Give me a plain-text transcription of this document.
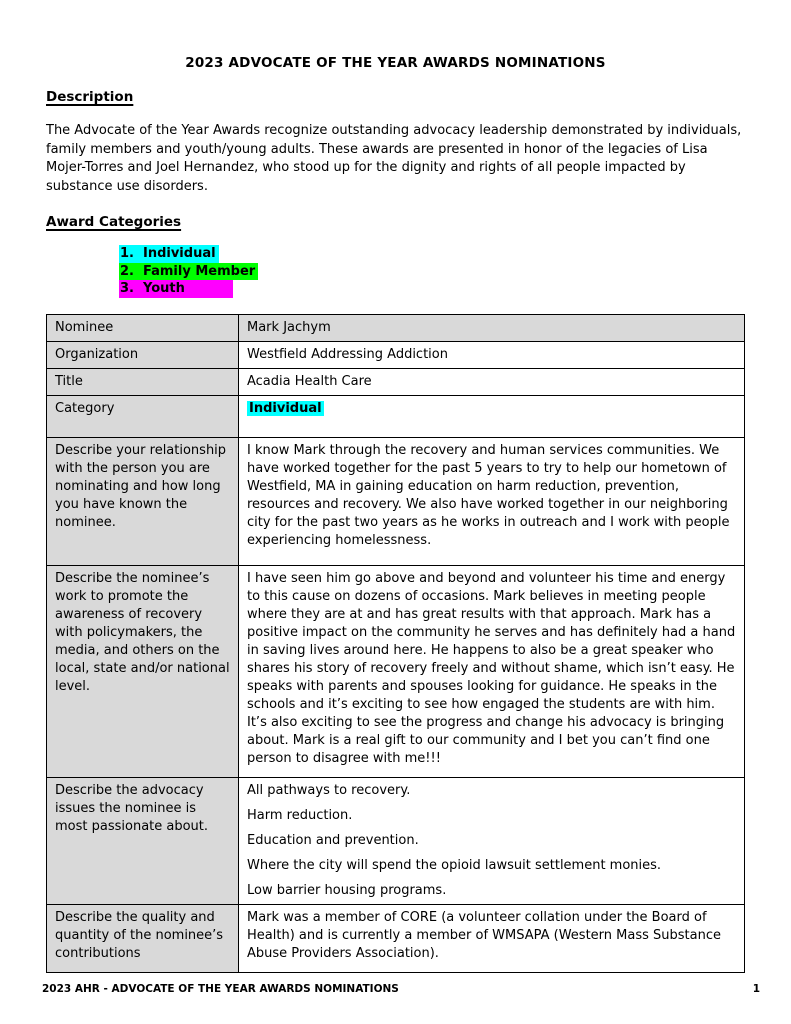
2023 ADVOCATE OF THE YEAR AWARDS NOMINATIONS
Description

The Advocate of the Year Awards recognize outstanding advocacy leadership demonstrated by individuals, family members and youth/young adults. These awards are presented in honor of the legacies of Lisa Mojer-Torres and Joel Hernandez, who stood up for the dignity and rights of all people impacted by substance use disorders.

Award Categories
1. Individual
2. Family Member
3. Youth
Nominee	Mark Jachym
Organization	Westfield Addressing Addiction
Title	Acadia Health Care
Category	Individual
Describe your relationship with the person you are nominating and how long you have known the nominee.	I know Mark through the recovery and human services communities. We have worked together for the past 5 years to try to help our hometown of Westfield, MA in gaining education on harm reduction, prevention, resources and recovery. We also have worked together in our neighboring city for the past two years as he works in outreach and I work with people experiencing homelessness.
Describe the nominee’s work to promote the awareness of recovery with policymakers, the media, and others on the local, state and/or national level.	I have seen him go above and beyond and volunteer his time and energy to this cause on dozens of occasions. Mark believes in meeting people where they are at and has great results with that approach. Mark has a positive impact on the community he serves and has definitely had a hand in saving lives around here. He happens to also be a great speaker who shares his story of recovery freely and without shame, which isn’t easy. He speaks with parents and spouses looking for guidance. He speaks in the schools and it’s exciting to see how engaged the students are with him. It’s also exciting to see the progress and change his advocacy is bringing about. Mark is a real gift to our community and I bet you can’t find one person to disagree with me!!!
Describe the advocacy issues the nominee is most passionate about.	All pathways to recovery.

Harm reduction.

Education and prevention.

Where the city will spend the opioid lawsuit settlement monies.

Low barrier housing programs.

Describe the quality and quantity of the nominee’s contributions	Mark was a member of CORE (a volunteer collation under the Board of Health) and is currently a member of WMSAPA (Western Mass Substance Abuse Providers Association).
2023 AHR - ADVOCATE OF THE YEAR AWARDS NOMINATIONS	1
